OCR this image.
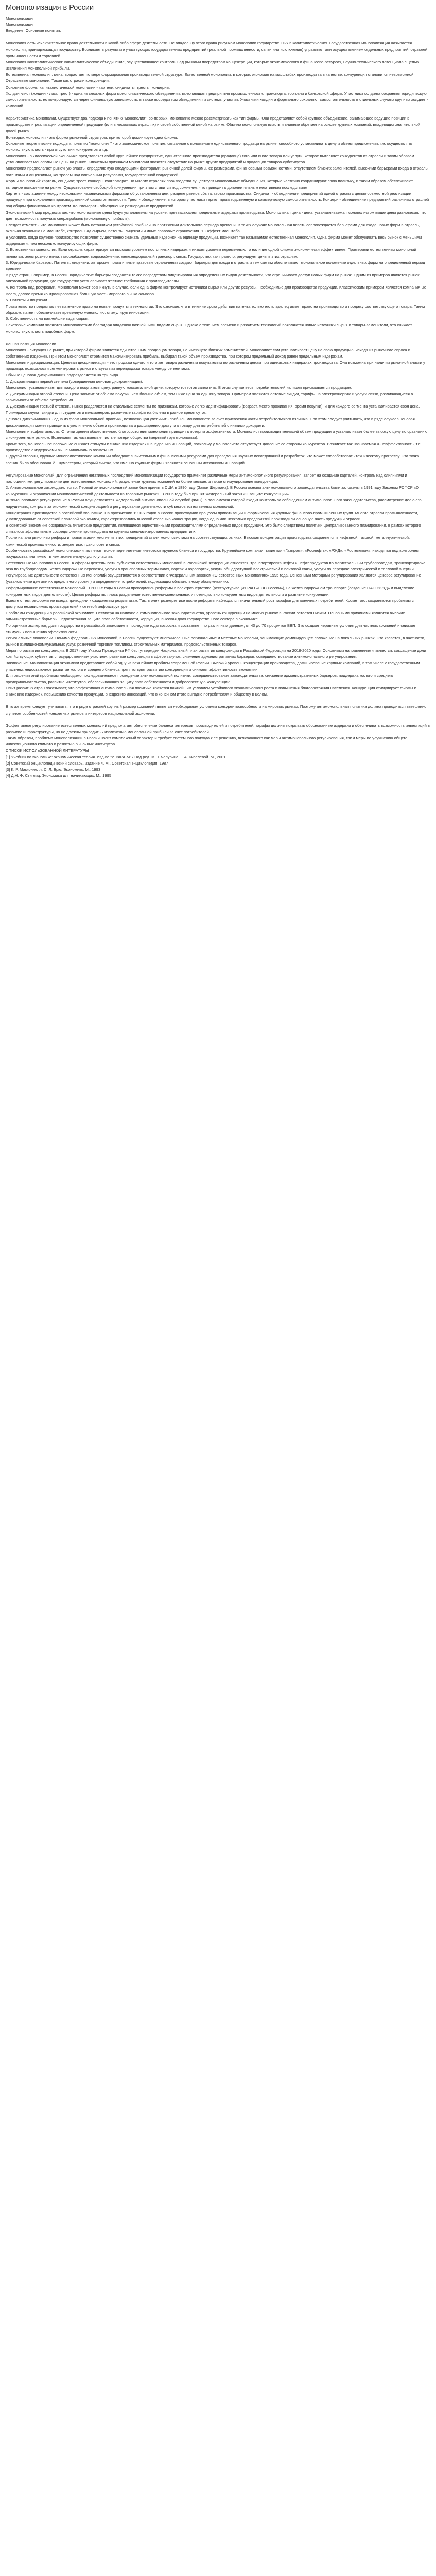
Монополизация в России

Монополизация

Монополизация

Введение. Основные понятия.

Монополия есть исключительное право деятельности в какой-либо сфере деятельности. Не владельцу этого права рисунком монополии государственных в капиталистических. Государственная монополизация называется монополия, принадлежащая государству. Возникает в результате участвующих государственных предприятий (реальной промышленности, связи или исключения) управляют или осуществлением отдельных предприятий, отраслей промышленности и торговлей.

Монополия капиталистическая: капиталистическое объединение, осуществляющее контроль над рынками посредством концентрации, которые экономического и финансово-ресурсах, научно-технического потенциала с целью извлечения монопольной прибыли.

Естественная монополия: цена, возрастает по мере формирования производственной структуре. Естественной монополии, в которых экономия на масштабах производства в качестве, конкуренция становится невозможной. Отраслевые монополии. Такие как отрасли конкуренции.

Основные формы капиталистической монополии - картели, синдикаты, тресты, концерны.

Холдинг-лист (холдинг- лист, трест) - одна из сложных форм монополистического объединения, включающая предприятия промышленности, транспорта, торговли и банковской сферы. Участники холдинга сохраняют юридическую самостоятельность, но контролируются через финансовую зависимость, в также посредством объединения и системы участия. Участники холдинга формально сохраняют самостоятельность в отдельных случаях крупных холдинг - компаний.

Характеристика монополии. Существует два подхода к понятию "монополия": во-первых, монополию можно рассматривать как тип фирмы. Она представляет собой крупное объединение, занимающее ведущие позиции в производстве и реализации определенной продукции (или в нескольких отраслях) и своей собственной ценой на рынке. Обычно монопольную власть и влияние обретает на основе крупных компаний, владеющих значительной долей рынка.

Во-вторых монополия - это форма рыночной структуры, при которой доминирует одна фирма.

Основные теоретические подходы к понятию "монополия" - это экономическое понятие, связанное с положением единственного продавца на рынке, способного устанавливать цену и объем предложения, т.е. осуществлять монопольную власть - при отсутствии конкурентов и т.д.

Монополия - в классической экономике представляет собой крупнейшее предприятие, единственного производителя (продавца) того или иного товара или услуги, которое вытесняет конкурентов из отрасли и таким образом устанавливает монопольные цены на рынке. Ключевым признаком монополии является отсутствие на рынке других предприятий и продавцов товаров-субститутов.

Монополия предполагает рыночную власть, определяемую следующими факторами: рыночной долей фирмы, ее размерами, финансовыми возможностями, отсутствием близких заменителей, высокими барьерами входа в отрасль, патентами и лицензиями, контролем над ключевыми ресурсами, государственной поддержкой.

Формы монополий: картель, синдикат, трест, концерн, конгломерат. Во многих отраслях производства существуют монопольные объединения, которые частично координируют свою политику, и таким образом обеспечивают выгодное положение на рынке. Существование свободной конкуренции при этом ставится под сомнение, что приводит к дополнительным негативным последствиям.

Картель - соглашение между несколькими независимыми фирмами об установлении цен, разделе рынков сбыта, квотах производства. Синдикат - объединение предприятий одной отрасли с целью совместной реализации продукции при сохранении производственной самостоятельности. Трест - объединение, в котором участники теряют производственную и коммерческую самостоятельность. Концерн - объединение предприятий различных отраслей под общим финансовым контролем. Конгломерат - объединение разнородных предприятий.

Экономический мир предполагает, что монопольные цены будут установлены на уровне, превышающем предельные издержки производства. Монопольная цена - цена, устанавливаемая монополистом выше цены равновесия, что дает возможность получать сверхприбыль (монопольную прибыль).

Следует отметить, что монополия может быть источником устойчивой прибыли на протяжении длительного периода времени. В таких случаях монопольная власть сопровождается барьерами для входа новых фирм в отрасль, включая экономию на масштабе, контроль над сырьем, патенты, лицензии и иные правовые ограничения. 1. Эффект масштаба.

В условиях, когда крупное производство позволяет существенно снижать удельные издержки на единицу продукции, возникает так называемая естественная монополия. Одна фирма может обслуживать весь рынок с меньшими издержками, чем несколько конкурирующих фирм.

2. Естественная монополия. Если отрасль характеризуется высоким уровнем постоянных издержек и низким уровнем переменных, то наличие одной фирмы экономически эффективнее. Примерами естественных монополий являются: электроэнергетика, газоснабжение, водоснабжение, железнодорожный транспорт, связь. Государство, как правило, регулирует цены в этих отраслях.

3. Юридические барьеры. Патенты, лицензии, авторские права и иные правовые ограничения создают барьеры для входа в отрасль и тем самым обеспечивают монопольное положение отдельных фирм на определенный период времени.

В ряде стран, например, в России, юридические барьеры создаются также посредством лицензирования определенных видов деятельности, что ограничивает доступ новых фирм на рынок. Одним из примеров является рынок алкогольной продукции, где государство устанавливает жесткие требования к производителям.

4. Контроль над ресурсами. Монополия может возникнуть в случае, если одна фирма контролирует источники сырья или другие ресурсы, необходимые для производства продукции. Классическим примером является компания De Beers, долгое время контролировавшая большую часть мирового рынка алмазов.

5. Патенты и лицензии.

Правительство предоставляет патентное право на новые продукты и технологии. Это означает, что в течение срока действия патента только его владелец имеет право на производство и продажу соответствующего товара. Таким образом, патент обеспечивает временную монополию, стимулируя инновации.

6. Собственность на важнейшие виды сырья.

Некоторые компании являются монополистами благодаря владению важнейшими видами сырья. Однако с течением времени и развитием технологий появляются новые источники сырья и товары-заменители, что снижает монопольную власть подобных фирм.

Данная позиция монополии.

Монополия - ситуация на рынке, при которой фирма является единственным продавцом товара, не имеющего близких заменителей. Монополист сам устанавливает цену на свою продукцию, исходя из рыночного спроса и собственных издержек. При этом монополист стремится максимизировать прибыль, выбирая такой объем производства, при котором предельный доход равен предельным издержкам.

Монополия и дискриминация. Ценовая дискриминация - это продажа одного и того же товара различным покупателям по различным ценам при одинаковых издержках производства. Она возможна при наличии рыночной власти у продавца, возможности сегментировать рынок и отсутствии перепродажи товара между сегментами.

Обычно ценовая дискриминация подразделяется на три вида.

1. Дискриминация первой степени (совершенная ценовая дискриминация).

Монополист устанавливает для каждого покупателя цену, равную максимальной цене, которую тот готов заплатить. В этом случае весь потребительский излишек присваивается продавцом.

2. Дискриминация второй степени. Цена зависит от объема покупки: чем больше объем, тем ниже цена за единицу товара. Примером являются оптовые скидки, тарифы на электроэнергию и услуги связи, различающиеся в зависимости от объема потребления.

3. Дискриминация третьей степени. Рынок разделяется на отдельные сегменты по признакам, которые легко идентифицировать (возраст, место проживания, время покупки), и для каждого сегмента устанавливается своя цена. Примерами служат скидки для студентов и пенсионеров, различные тарифы на билеты в разное время суток.

Ценовая дискриминация - одна из форм монопольной практики, позволяющая увеличить прибыль монополиста за счет присвоения части потребительского излишка. При этом следует учитывать, что в ряде случаев ценовая дискриминация может приводить к увеличению объема производства и расширению доступа к товару для потребителей с низкими доходами.

Монополия и эффективность. С точки зрения общественного благосостояния монополия приводит к потерям эффективности. Монополист производит меньший объем продукции и устанавливает более высокую цену по сравнению с конкурентным рынком. Возникают так называемые чистые потери общества (мертвый груз монополии).

Кроме того, монопольное положение снижает стимулы к снижению издержек и внедрению инноваций, поскольку у монополиста отсутствует давление со стороны конкурентов. Возникает так называемая X-неэффективность, т.е. производство с издержками выше минимально возможных.

С другой стороны, крупные монополистические компании обладают значительными финансовыми ресурсами для проведения научных исследований и разработок, что может способствовать техническому прогрессу. Эта точка зрения была обоснована Й. Шумпетером, который считал, что именно крупные фирмы являются основным источником инноваций.

Регулирование монополий. Для ограничения негативных последствий монополизации государство применяет различные меры антимонопольного регулирования: запрет на создание картелей, контроль над слияниями и поглощениями, регулирование цен естественных монополий, разделение крупных компаний на более мелкие, а также стимулирование конкуренции.

2. Антимонопольное законодательство. Первый антимонопольный закон был принят в США в 1890 году (Закон Шермана). В России основы антимонопольного законодательства были заложены в 1991 году Законом РСФСР «О конкуренции и ограничении монополистической деятельности на товарных рынках». В 2006 году был принят Федеральный закон «О защите конкуренции».

Антимонопольное регулирование в России осуществляется Федеральной антимонопольной службой (ФАС), в полномочия которой входит контроль за соблюдением антимонопольного законодательства, рассмотрение дел о его нарушениях, контроль за экономической концентрацией и регулирование деятельности субъектов естественных монополий.

Концентрация производства в российской экономике. На протяжении 1990-х годов в России происходили процессы приватизации и формирования крупных финансово-промышленных групп. Многие отрасли промышленности, унаследованные от советской плановой экономики, характеризовались высокой степенью концентрации, когда одно или несколько предприятий производили основную часть продукции отрасли.

В советской экономике создавались гигантские предприятия, являвшиеся единственными производителями определенных видов продукции. Это было следствием политики централизованного планирования, в рамках которого считалось эффективным сосредоточение производства на крупных специализированных предприятиях.

После начала рыночных реформ и приватизации многие из этих предприятий стали монополистами на соответствующих рынках. Высокая концентрация производства сохраняется в нефтяной, газовой, металлургической, химической промышленности, энергетике, транспорте и связи.

Особенностью российской монополизации является тесное переплетение интересов крупного бизнеса и государства. Крупнейшие компании, такие как «Газпром», «Роснефть», «РЖД», «Ростелеком», находятся под контролем государства или имеют в нем значительную долю участия.

Естественные монополии в России. К сферам деятельности субъектов естественных монополий в Российской Федерации относятся: транспортировка нефти и нефтепродуктов по магистральным трубопроводам, транспортировка газа по трубопроводам, железнодорожные перевозки, услуги в транспортных терминалах, портах и аэропортах, услуги общедоступной электрической и почтовой связи, услуги по передаче электрической и тепловой энергии.

Регулирование деятельности естественных монополий осуществляется в соответствии с Федеральным законом «О естественных монополиях» 1995 года. Основными методами регулирования являются ценовое регулирование (установление цен или их предельного уровня) и определение потребителей, подлежащих обязательному обслуживанию.

Реформирование естественных монополий. В 2000-е годы в России проводились реформы в электроэнергетике (реструктуризация РАО «ЕЭС России»), на железнодорожном транспорте (создание ОАО «РЖД» и выделение конкурентных видов деятельности). Целью реформ являлось разделение естественно-монопольных и потенциально конкурентных видов деятельности и развитие конкуренции.

Вместе с тем, реформы не всегда приводили к ожидаемым результатам. Так, в электроэнергетике после реформы наблюдался значительный рост тарифов для конечных потребителей. Кроме того, сохраняются проблемы с доступом независимых производителей к сетевой инфраструктуре.

Проблемы конкуренции в российской экономике. Несмотря на наличие антимонопольного законодательства, уровень конкуренции на многих рынках в России остается низким. Основными причинами являются высокие административные барьеры, недостаточная защита прав собственности, коррупция, высокая доля государственного сектора в экономике.

По оценкам экспертов, доля государства в российской экономике в последние годы возросла и составляет, по различным данным, от 40 до 70 процентов ВВП. Это создает неравные условия для частных компаний и снижает стимулы к повышению эффективности.

Региональные монополии. Помимо федеральных монополий, в России существуют многочисленные региональные и местные монополии, занимающие доминирующее положение на локальных рынках. Это касается, в частности, рынков жилищно-коммунальных услуг, розничной торговли топливом, строительных материалов, продовольственных товаров.

Меры по развитию конкуренции. В 2017 году Указом Президента РФ был утвержден Национальный план развития конкуренции в Российской Федерации на 2018-2020 годы. Основными направлениями являются: сокращение доли хозяйствующих субъектов с государственным участием, развитие конкуренции в сфере закупок, снижение административных барьеров, совершенствование антимонопольного регулирования.

Заключение. Монополизация экономики представляет собой одну из важнейших проблем современной России. Высокий уровень концентрации производства, доминирование крупных компаний, в том числе с государственным участием, недостаточное развитие малого и среднего бизнеса препятствуют развитию конкуренции и снижают эффективность экономики.

Для решения этой проблемы необходимо последовательное проведение антимонопольной политики, совершенствование законодательства, снижение административных барьеров, поддержка малого и среднего предпринимательства, развитие институтов, обеспечивающих защиту прав собственности и добросовестную конкуренцию.

Опыт развитых стран показывает, что эффективная антимонопольная политика является важнейшим условием устойчивого экономического роста и повышения благосостояния населения. Конкуренция стимулирует фирмы к снижению издержек, повышению качества продукции, внедрению инноваций, что в конечном итоге выгодно потребителям и обществу в целом.

В то же время следует учитывать, что в ряде отраслей крупный размер компаний является необходимым условием конкурентоспособности на мировых рынках. Поэтому антимонопольная политика должна проводиться взвешенно, с учетом особенностей конкретных рынков и интересов национальной экономики.

Эффективное регулирование естественных монополий предполагает обеспечение баланса интересов производителей и потребителей: тарифы должны покрывать обоснованные издержки и обеспечивать возможность инвестиций в развитие инфраструктуры, но не должны приводить к извлечению монопольной прибыли за счет потребителей.

Таким образом, проблема монополизации в России носит комплексный характер и требует системного подхода к ее решению, включающего как меры антимонопольного регулирования, так и меры по улучшению общего инвестиционного климата и развитию рыночных институтов.

СПИСОК ИСПОЛЬЗОВАННОЙ ЛИТЕРАТУРЫ

[1] Учебник по экономике: экономическая теория. Изд-во "ИНФРА-М" / Под ред. М.Н. Чепурина, Е.А. Киселевой. М., 2001

[2] Советский энциклопедический словарь, издание 4. М., Советская энциклопедия, 1987

[3] К. Р. Макконнелл, С. Л. Брю. Экономикс. М., 1993

[4] Д.Н. Ф. Стиглиц. Экономика для начинающих. М., 1995
